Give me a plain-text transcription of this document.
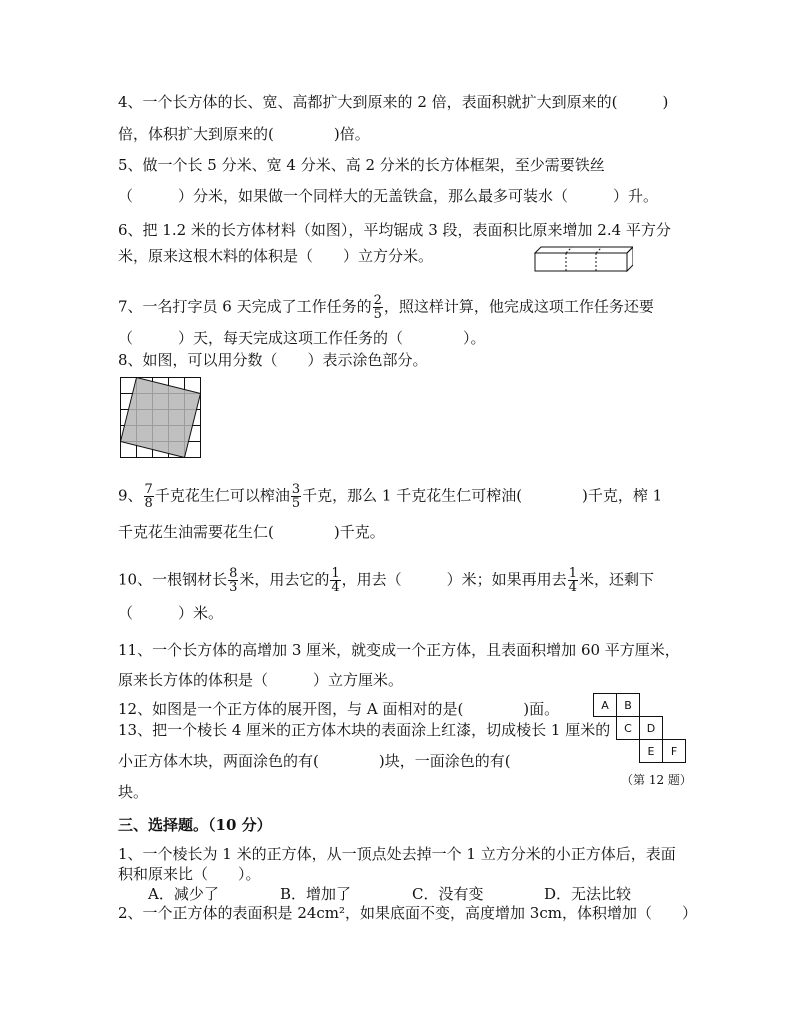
4、一个长方体的长、宽、高都扩大到原来的 2 倍，表面积就扩大到原来的(　　　)
倍，体积扩大到原来的(　　　　)倍。
5、做一个长 5 分米、宽 4 分米、高 2 分米的长方体框架，至少需要铁丝
（　　　）分米，如果做一个同样大的无盖铁盒，那么最多可装水（　　　）升。
6、把 1.2 米的长方体材料（如图），平均锯成 3 段，表面积比原来增加 2.4 平方分
米，原来这根木料的体积是（　　）立方分米。
7、一名打字员 6 天完成了工作任务的 $\frac{2}{5}$ ，照这样计算，他完成这项工作任务还要
（　　　）天，每天完成这项工作任务的（　　　　）。
8、如图，可以用分数（　　）表示涂色部分。
9、 $\frac{7}{8}$ 千克花生仁可以榨油 $\frac{3}{5}$ 千克，那么 1 千克花生仁可榨油(　　　　)千克，榨 1
千克花生油需要花生仁(　　　　)千克。
10、一根钢材长 $\frac{8}{3}$ 米，用去它的 $\frac{1}{4}$ ，用去（　　　）米；如果再用去 $\frac{1}{4}$ 米，还剩下
（　　　）米。
11、一个长方体的高增加 3 厘米，就变成一个正方体，且表面积增加 60 平方厘米，
原来长方体的体积是（　　　）立方厘米。
12、如图是一个正方体的展开图，与 A 面相对的是(　　　　)面。	A	B
C	D
E	F
（第 12 题）
13、把一个棱长 4 厘米的正方体木块的表面涂上红漆，切成棱长 1 厘米的
小正方体木块，两面涂色的有(　　　　)块，一面涂色的有(
块。
三、选择题。（10 分）
1、一个棱长为 1 米的正方体，从一顶点处去掉一个 1 立方分米的小正方体后，表面
积和原来比（　　）。
A．减少了	B．增加了	C．没有变	D．无法比较
2、一个正方体的表面积是 24cm²，如果底面不变，高度增加 3cm，体积增加（　　）
